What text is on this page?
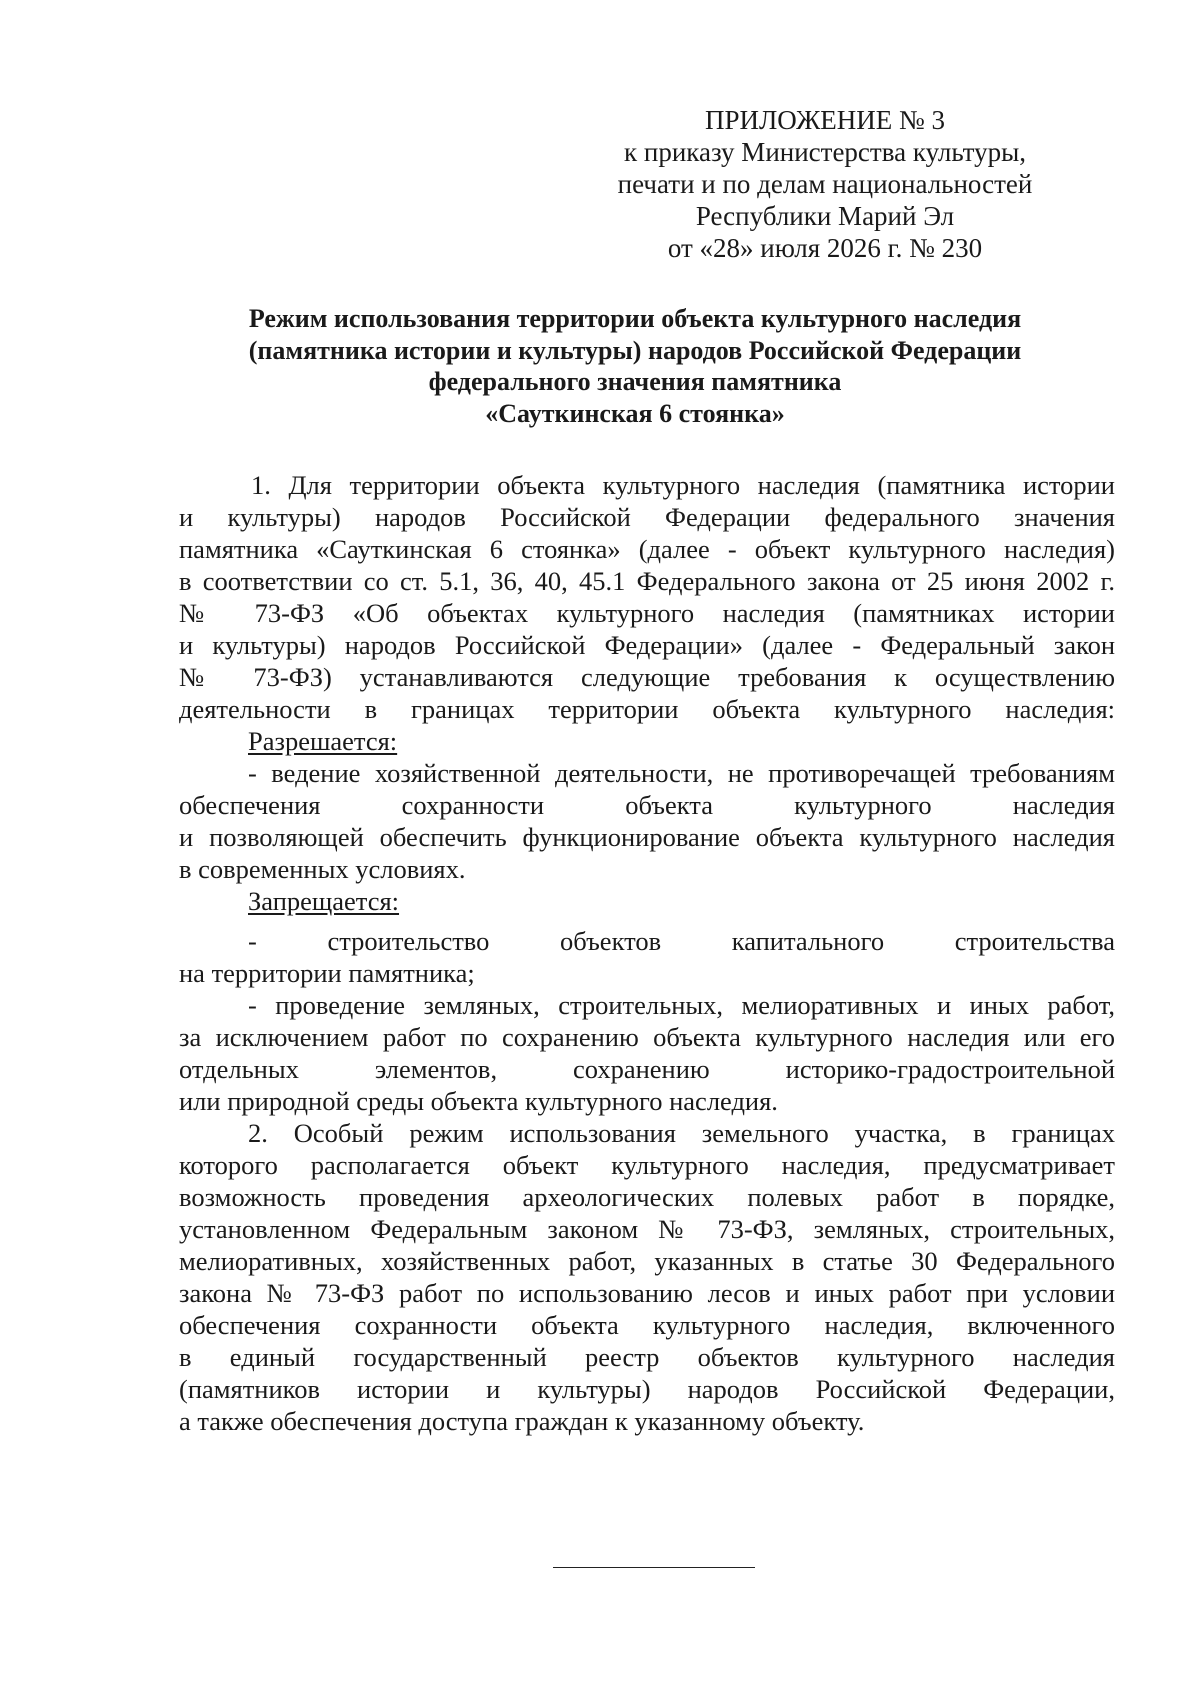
ПРИЛОЖЕНИЕ № 3
к приказу Министерства культуры,
печати и по делам национальностей
Республики Марий Эл
от «28» июля 2026 г. № 230
Режим использования территории объекта культурного наследия
(памятника истории и культуры) народов Российской Федерации
федерального значения памятника
«Сауткинская 6 стоянка»
1. Для территории объекта культурного наследия (памятника истории
и культуры) народов Российской Федерации федерального значения
памятника «Сауткинская 6 стоянка» (далее - объект культурного наследия)
в соответствии со ст. 5.1, 36, 40, 45.1 Федерального закона от 25 июня 2002 г.
№ 73-ФЗ «Об объектах культурного наследия (памятниках истории
и культуры) народов Российской Федерации» (далее - Федеральный закон
№ 73-ФЗ) устанавливаются следующие требования к осуществлению
деятельности в границах территории объекта культурного наследия:
Разрешается:
- ведение хозяйственной деятельности, не противоречащей требованиям
обеспечения сохранности объекта культурного наследия
и позволяющей обеспечить функционирование объекта культурного наследия
в современных условиях.
Запрещается:
- строительство объектов капитального строительства
на территории памятника;
- проведение земляных, строительных, мелиоративных и иных работ,
за исключением работ по сохранению объекта культурного наследия или его
отдельных элементов, сохранению историко-градостроительной
или природной среды объекта культурного наследия.
2. Особый режим использования земельного участка, в границах
которого располагается объект культурного наследия, предусматривает
возможность проведения археологических полевых работ в порядке,
установленном Федеральным законом № 73-ФЗ, земляных, строительных,
мелиоративных, хозяйственных работ, указанных в статье 30 Федерального
закона № 73-ФЗ работ по использованию лесов и иных работ при условии
обеспечения сохранности объекта культурного наследия, включенного
в единый государственный реестр объектов культурного наследия
(памятников истории и культуры) народов Российской Федерации,
а также обеспечения доступа граждан к указанному объекту.
